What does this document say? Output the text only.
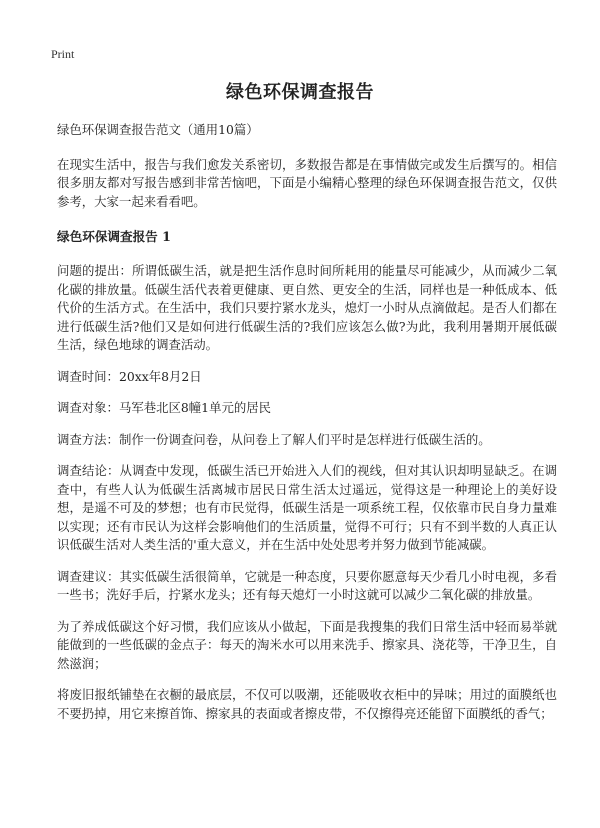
Print
绿色环保调查报告

绿色环保调查报告范文（通用10篇）

在现实生活中，报告与我们愈发关系密切，多数报告都是在事情做完或发生后撰写的。相信很多朋友都对写报告感到非常苦恼吧，下面是小编精心整理的绿色环保调查报告范文，仅供参考，大家一起来看看吧。

绿色环保调查报告 1

问题的提出：所谓低碳生活，就是把生活作息时间所耗用的能量尽可能减少，从而减少二氧化碳的排放量。低碳生活代表着更健康、更自然、更安全的生活，同样也是一种低成本、低代价的生活方式。在生活中，我们只要拧紧水龙头，熄灯一小时从点滴做起。是否人们都在进行低碳生活?他们又是如何进行低碳生活的?我们应该怎么做?为此，我利用暑期开展低碳生活，绿色地球的调查活动。

调查时间：20xx年8月2日

调查对象：马军巷北区8幢1单元的居民

调查方法：制作一份调查问卷，从问卷上了解人们平时是怎样进行低碳生活的。

调查结论：从调查中发现，低碳生活已开始进入人们的视线，但对其认识却明显缺乏。在调查中，有些人认为低碳生活离城市居民日常生活太过遥远，觉得这是一种理论上的美好设想，是遥不可及的梦想；也有市民觉得，低碳生活是一项系统工程，仅依靠市民自身力量难以实现；还有市民认为这样会影响他们的生活质量，觉得不可行；只有不到半数的人真正认识低碳生活对人类生活的'重大意义，并在生活中处处思考并努力做到节能减碳。

调查建议：其实低碳生活很简单，它就是一种态度，只要你愿意每天少看几小时电视，多看一些书；洗好手后，拧紧水龙头；还有每天熄灯一小时这就可以减少二氧化碳的排放量。

为了养成低碳这个好习惯，我们应该从小做起，下面是我搜集的我们日常生活中轻而易举就能做到的一些低碳的金点子：每天的淘米水可以用来洗手、擦家具、浇花等，干净卫生，自然滋润；

将废旧报纸铺垫在衣橱的最底层，不仅可以吸潮，还能吸收衣柜中的异味；用过的面膜纸也不要扔掉，用它来擦首饰、擦家具的表面或者擦皮带，不仅擦得亮还能留下面膜纸的香气；
